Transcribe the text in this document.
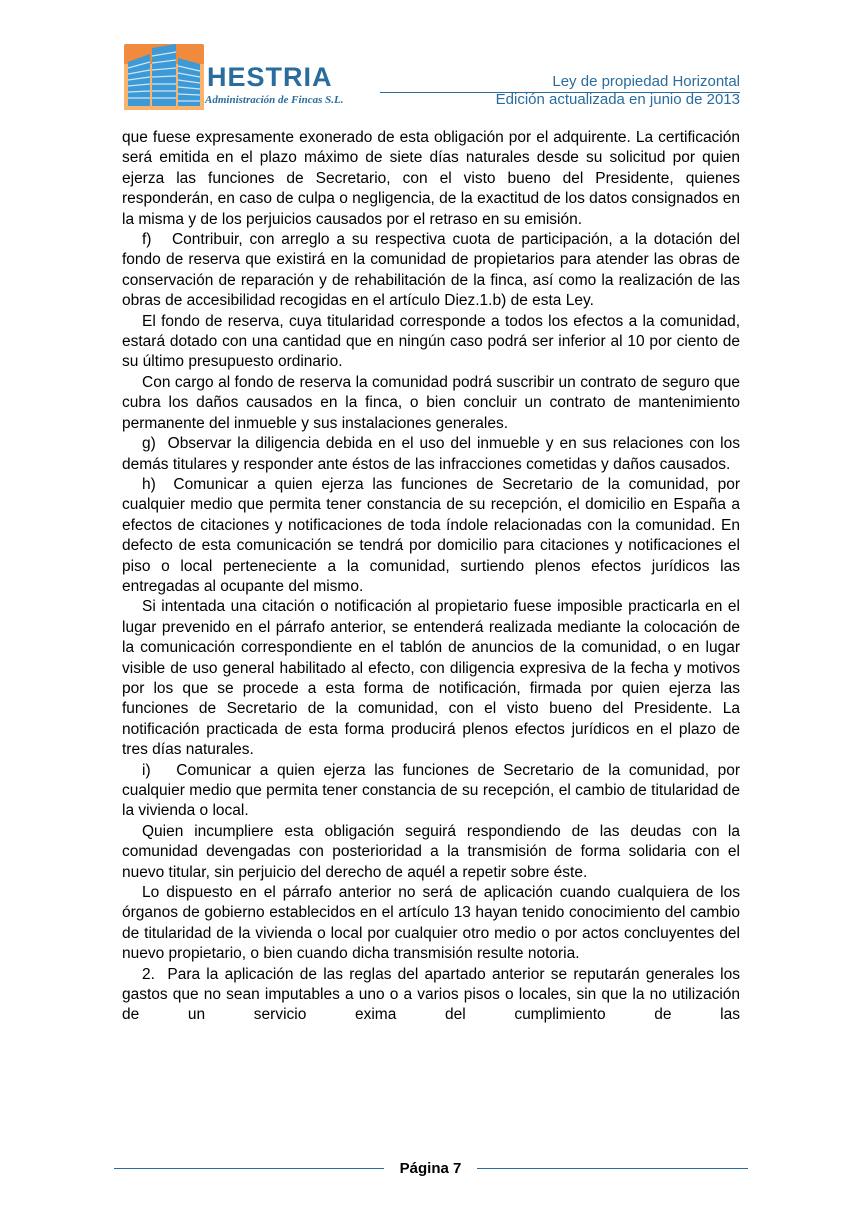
HESTRIA
Administración de Fincas S.L.
Ley de propiedad Horizontal
Edición actualizada en junio de 2013

que fuese expresamente exonerado de esta obligación por el adquirente. La certificación será emitida en el plazo máximo de siete días naturales desde su solicitud por quien ejerza las funciones de Secretario, con el visto bueno del Presidente, quienes responderán, en caso de culpa o negligencia, de la exactitud de los datos consignados en la misma y de los perjuicios causados por el retraso en su emisión.

f)   Contribuir, con arreglo a su respectiva cuota de participación, a la dotación del fondo de reserva que existirá en la comunidad de propietarios para atender las obras de conservación de reparación y de rehabilitación de la finca, así como la realización de las obras de accesibilidad recogidas en el artículo Diez.1.b) de esta Ley.

El fondo de reserva, cuya titularidad corresponde a todos los efectos a la comunidad, estará dotado con una cantidad que en ningún caso podrá ser inferior al 10 por ciento de su último presupuesto ordinario.

Con cargo al fondo de reserva la comunidad podrá suscribir un contrato de seguro que cubra los daños causados en la finca, o bien concluir un contrato de mantenimiento permanente del inmueble y sus instalaciones generales.

g)  Observar la diligencia debida en el uso del inmueble y en sus relaciones con los demás titulares y responder ante éstos de las infracciones cometidas y daños causados.

h)  Comunicar a quien ejerza las funciones de Secretario de la comunidad, por cualquier medio que permita tener constancia de su recepción, el domicilio en España a efectos de citaciones y notificaciones de toda índole relacionadas con la comunidad. En defecto de esta comunicación se tendrá por domicilio para citaciones y notificaciones el piso o local perteneciente a la comunidad, surtiendo plenos efectos jurídicos las entregadas al ocupante del mismo.

Si intentada una citación o notificación al propietario fuese imposible practicarla en el lugar prevenido en el párrafo anterior, se entenderá realizada mediante la colocación de la comunicación correspondiente en el tablón de anuncios de la comunidad, o en lugar visible de uso general habilitado al efecto, con diligencia expresiva de la fecha y motivos por los que se procede a esta forma de notificación, firmada por quien ejerza las funciones de Secretario de la comunidad, con el visto bueno del Presidente. La notificación practicada de esta forma producirá plenos efectos jurídicos en el plazo de tres días naturales.

i)   Comunicar a quien ejerza las funciones de Secretario de la comunidad, por cualquier medio que permita tener constancia de su recepción, el cambio de titularidad de la vivienda o local.

Quien incumpliere esta obligación seguirá respondiendo de las deudas con la comunidad devengadas con posterioridad a la transmisión de forma solidaria con el nuevo titular, sin perjuicio del derecho de aquél a repetir sobre éste.

Lo dispuesto en el párrafo anterior no será de aplicación cuando cualquiera de los órganos de gobierno establecidos en el artículo 13 hayan tenido conocimiento del cambio de titularidad de la vivienda o local por cualquier otro medio o por actos concluyentes del nuevo propietario, o bien cuando dicha transmisión resulte notoria.

2.  Para la aplicación de las reglas del apartado anterior se reputarán generales los gastos que no sean imputables a uno o a varios pisos o locales, sin que la no utilización de un servicio exima del cumplimiento de las

Página 7
